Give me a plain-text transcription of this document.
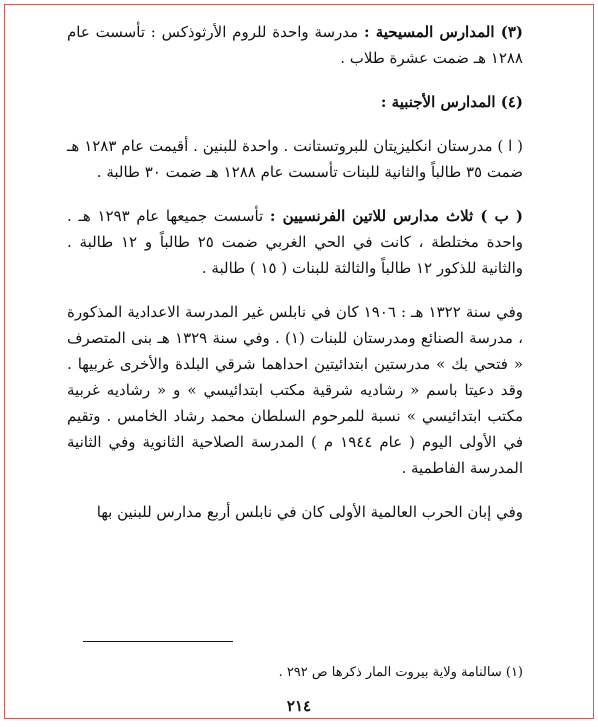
(٣) المدارس المسيحية : مدرسة واحدة للروم الأرثوذكس : تأسست عام ١٢٨٨ هـ ضمت عشرة طلاب .

(٤) المدارس الأجنبية :

( ا ) مدرستان انكليزيتان للبروتستانت . واحدة للبنين . أقيمت عام ١٢٨٣ هـ ضمت ٣٥ طالباً والثانية للبنات تأسست عام ١٢٨٨ هـ ضمت ٣٠ طالبة .

( ب ) ثلاث مدارس للاتين الفرنسيين : تأسست جميعها عام ١٢٩٣ هـ . واحدة مختلطة ، كانت في الحي الغربي ضمت ٢٥ طالباً و ١٢ طالبة . والثانية للذكور ١٢ طالباً والثالثة للبنات ( ١٥ ) طالبة .

وفي سنة ١٣٢٢ هـ : ١٩٠٦ كان في نابلس غير المدرسة الاعدادية المذكورة ، مدرسة الصنائع ومدرستان للبنات (١) . وفي سنة ١٣٢٩ هـ بنى المتصرف « فتحي بك » مدرستين ابتدائيتين احداهما شرقي البلدة والأخرى غربيها . وقد دعيتا باسم « رشاديه شرقية مكتب ابتدائيسي » و « رشاديه غربية مكتب ابتدائيسي » نسبة للمرحوم السلطان محمد رشاد الخامس . وتقيم في الأولى اليوم ( عام ١٩٤٤ م ) المدرسة الصلاحية الثانوية وفي الثانية المدرسة الفاطمية .

وفي إبان الحرب العالمية الأولى كان في نابلس أربع مدارس للبنين بها

(١) سالنامة ولاية بيروت المار ذكرها ص ٢٩٢ .
٢١٤
